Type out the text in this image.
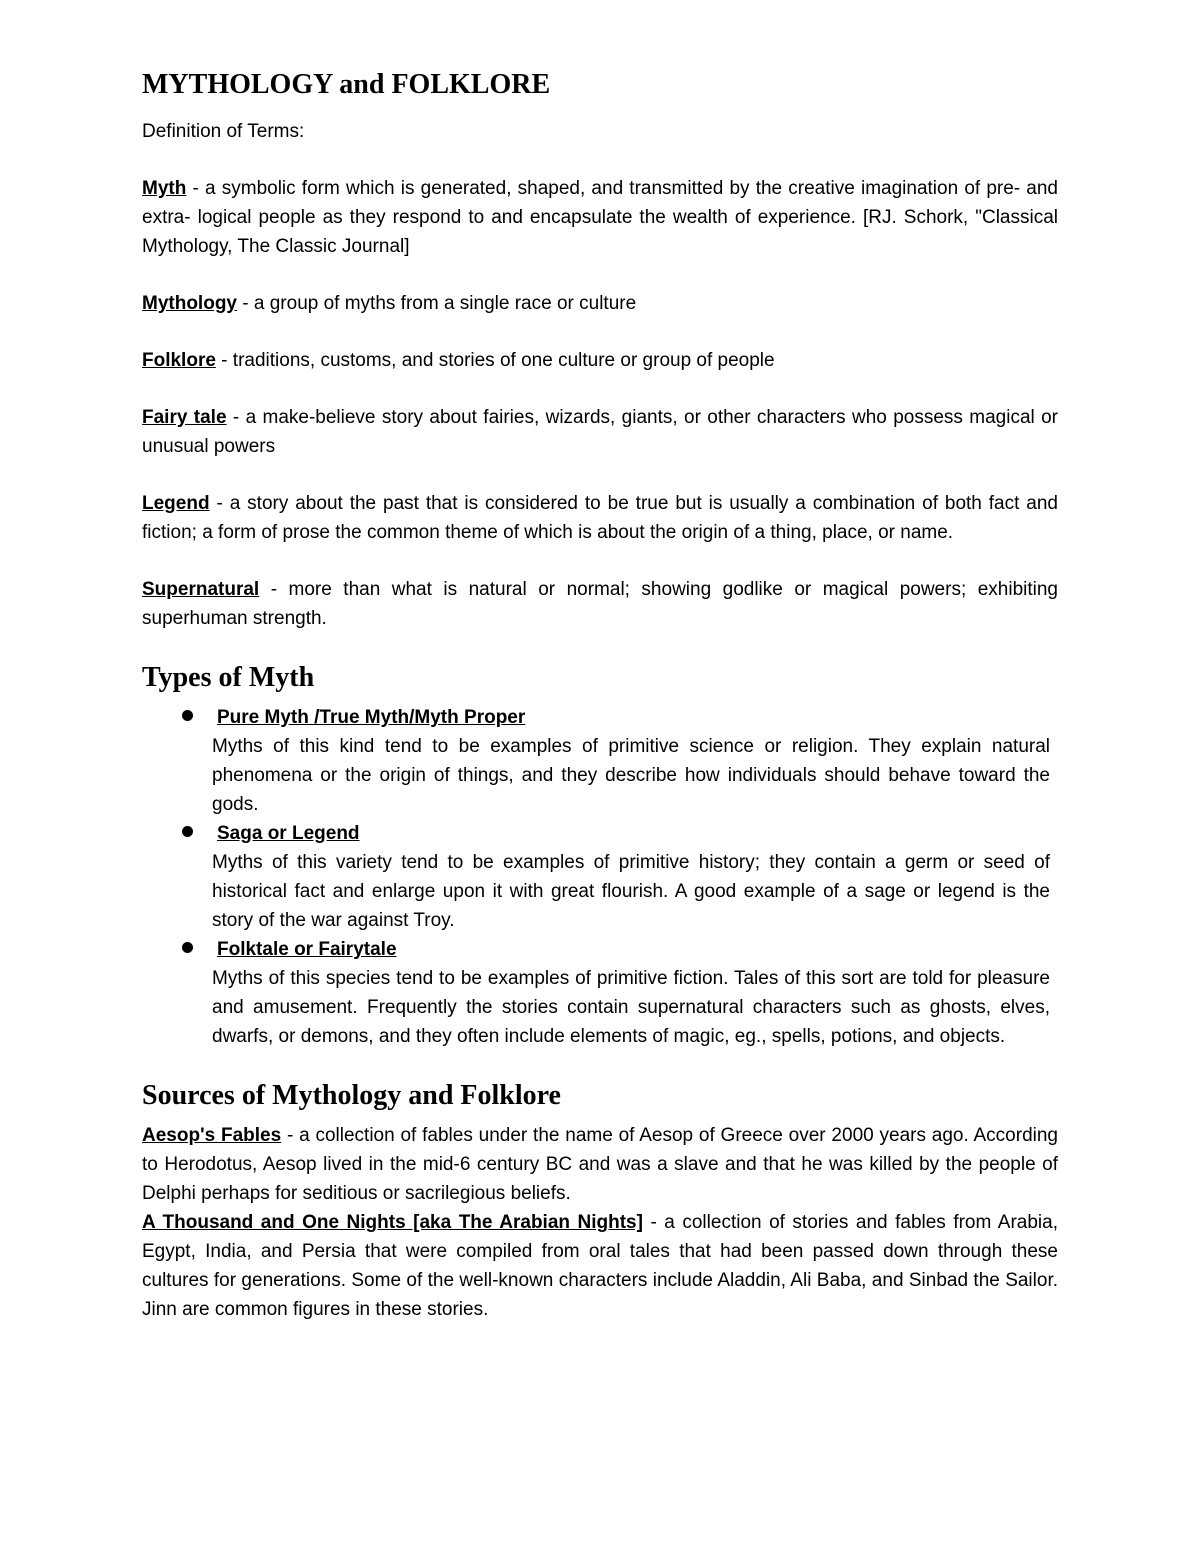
MYTHOLOGY and FOLKLORE
Definition of Terms:

Myth - a symbolic form which is generated, shaped, and transmitted by the creative imagination of pre- and extra- logical people as they respond to and encapsulate the wealth of experience. [RJ. Schork, "Classical Mythology, The Classic Journal]

Mythology - a group of myths from a single race or culture

Folklore - traditions, customs, and stories of one culture or group of people

Fairy tale - a make-believe story about fairies, wizards, giants, or other characters who possess magical or unusual powers

Legend - a story about the past that is considered to be true but is usually a combination of both fact and fiction; a form of prose the common theme of which is about the origin of a thing, place, or name.

Supernatural - more than what is natural or normal; showing godlike or magical powers; exhibiting superhuman strength.

Types of Myth
Pure Myth /True Myth/Myth Proper
Myths of this kind tend to be examples of primitive science or religion. They explain natural phenomena or the origin of things, and they describe how individuals should behave toward the gods.
Saga or Legend
Myths of this variety tend to be examples of primitive history; they contain a germ or seed of historical fact and enlarge upon it with great flourish. A good example of a sage or legend is the story of the war against Troy.
Folktale or Fairytale
Myths of this species tend to be examples of primitive fiction. Tales of this sort are told for pleasure and amusement. Frequently the stories contain supernatural characters such as ghosts, elves, dwarfs, or demons, and they often include elements of magic, eg., spells, potions, and objects.
Sources of Mythology and Folklore

Aesop's Fables - a collection of fables under the name of Aesop of Greece over 2000 years ago. According to Herodotus, Aesop lived in the mid-6 century BC and was a slave and that he was killed by the people of Delphi perhaps for seditious or sacrilegious beliefs.

A Thousand and One Nights [aka The Arabian Nights] - a collection of stories and fables from Arabia, Egypt, India, and Persia that were compiled from oral tales that had been passed down through these cultures for generations. Some of the well-known characters include Aladdin, Ali Baba, and Sinbad the Sailor. Jinn are common figures in these stories.
